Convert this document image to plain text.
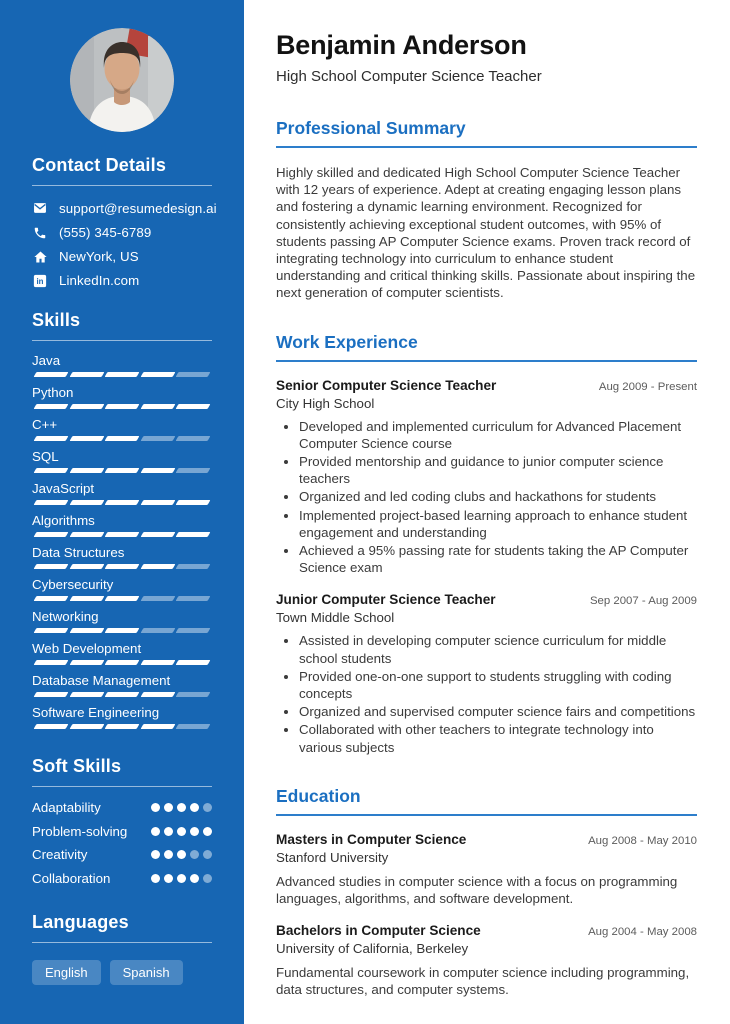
Contact Details
support@resumedesign.ai
(555) 345-6789
NewYork, US
in LinkedIn.com
Skills
Java
Python
C++
SQL
JavaScript
Algorithms
Data Structures
Cybersecurity
Networking
Web Development
Database Management
Software Engineering
Soft Skills
Adaptability
Problem-solving
Creativity
Collaboration
Languages
English	Spanish
Benjamin Anderson
High School Computer Science Teacher
Professional Summary

Highly skilled and dedicated High School Computer Science Teacher with 12 years of experience. Adept at creating engaging lesson plans and fostering a dynamic learning environment. Recognized for consistently achieving exceptional student outcomes, with 95% of students passing AP Computer Science exams. Proven track record of integrating technology into curriculum to enhance student understanding and critical thinking skills. Passionate about inspiring the next generation of computer scientists.

Work Experience
Senior Computer Science Teacher	Aug 2009 - Present
City High School
• Developed and implemented curriculum for Advanced Placement Computer Science course
• Provided mentorship and guidance to junior computer science teachers
• Organized and led coding clubs and hackathons for students
• Implemented project-based learning approach to enhance student engagement and understanding
• Achieved a 95% passing rate for students taking the AP Computer Science exam
Junior Computer Science Teacher	Sep 2007 - Aug 2009
Town Middle School
• Assisted in developing computer science curriculum for middle school students
• Provided one-on-one support to students struggling with coding concepts
• Organized and supervised computer science fairs and competitions
• Collaborated with other teachers to integrate technology into various subjects
Education
Masters in Computer Science	Aug 2008 - May 2010
Stanford University

Advanced studies in computer science with a focus on programming languages, algorithms, and software development.

Bachelors in Computer Science	Aug 2004 - May 2008
University of California, Berkeley

Fundamental coursework in computer science including programming, data structures, and computer systems.
